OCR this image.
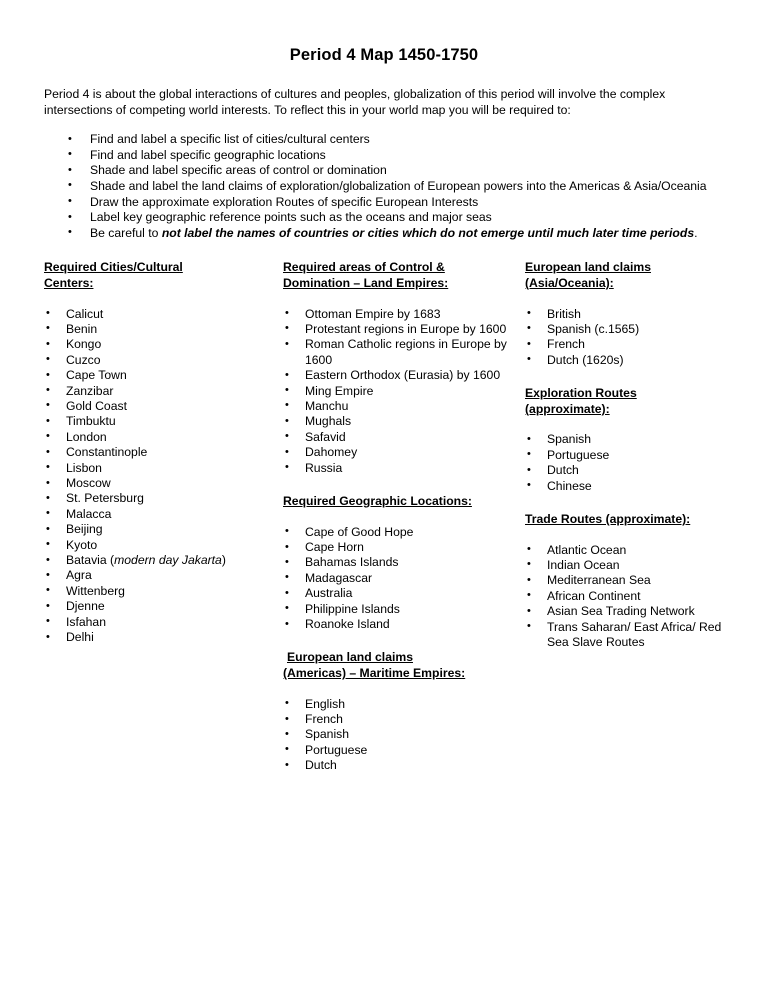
Period 4 Map 1450-1750

Period 4 is about the global interactions of cultures and peoples, globalization of this period will involve the complex intersections of competing world interests. To reflect this in your world map you will be required to:

• Find and label a specific list of cities/cultural centers
• Find and label specific geographic locations
• Shade and label specific areas of control or domination
• Shade and label the land claims of exploration/globalization of European powers into the Americas & Asia/Oceania
• Draw the approximate exploration Routes of specific European Interests
• Label key geographic reference points such as the oceans and major seas
• Be careful to not label the names of countries or cities which do not emerge until much later time periods.
Required Cities/Cultural
Centers:
• Calicut
• Benin
• Kongo
• Cuzco
• Cape Town
• Zanzibar
• Gold Coast
• Timbuktu
• London
• Constantinople
• Lisbon
• Moscow
• St. Petersburg
• Malacca
• Beijing
• Kyoto
• Batavia (modern day Jakarta)
• Agra
• Wittenberg
• Djenne
• Isfahan
• Delhi
Required areas of Control &
Domination – Land Empires:
• Ottoman Empire by 1683
• Protestant regions in Europe by 1600
• Roman Catholic regions in Europe by 1600
• Eastern Orthodox (Eurasia) by 1600
• Ming Empire
• Manchu
• Mughals
• Safavid
• Dahomey
• Russia
Required Geographic Locations:
• Cape of Good Hope
• Cape Horn
• Bahamas Islands
• Madagascar
• Australia
• Philippine Islands
• Roanoke Island
European land claims
(Americas) – Maritime Empires:
• English
• French
• Spanish
• Portuguese
• Dutch
European land claims
(Asia/Oceania):
• British
• Spanish (c.1565)
• French
• Dutch (1620s)
Exploration Routes
(approximate):
• Spanish
• Portuguese
• Dutch
• Chinese
Trade Routes (approximate):
• Atlantic Ocean
• Indian Ocean
• Mediterranean Sea
• African Continent
• Asian Sea Trading Network
• Trans Saharan/ East Africa/ Red Sea Slave Routes
